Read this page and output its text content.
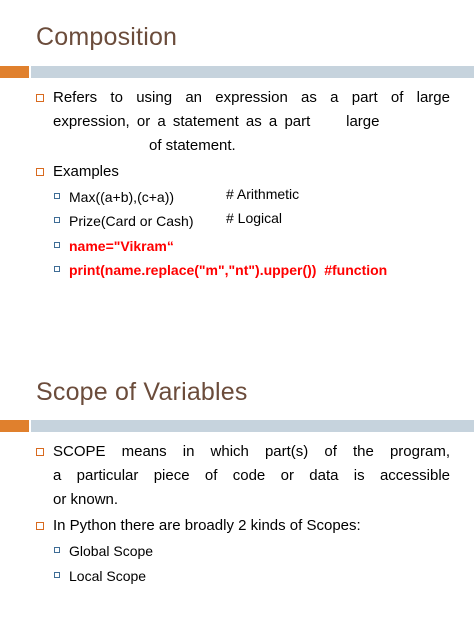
Composition
Refers to using an expression as a part of large
expression, or a statement as a part     large
of statement.
Examples
Max((a+b),(c+a))	# Arithmetic
Prize(Card or Cash) # Logical
name="Vikram“
print(name.replace("m","nt").upper())  #function
Scope of Variables
SCOPE means in which part(s) of the program,
a particular piece of code or data is accessible
or known.
In Python there are broadly 2 kinds of Scopes:
Global Scope
Local Scope
